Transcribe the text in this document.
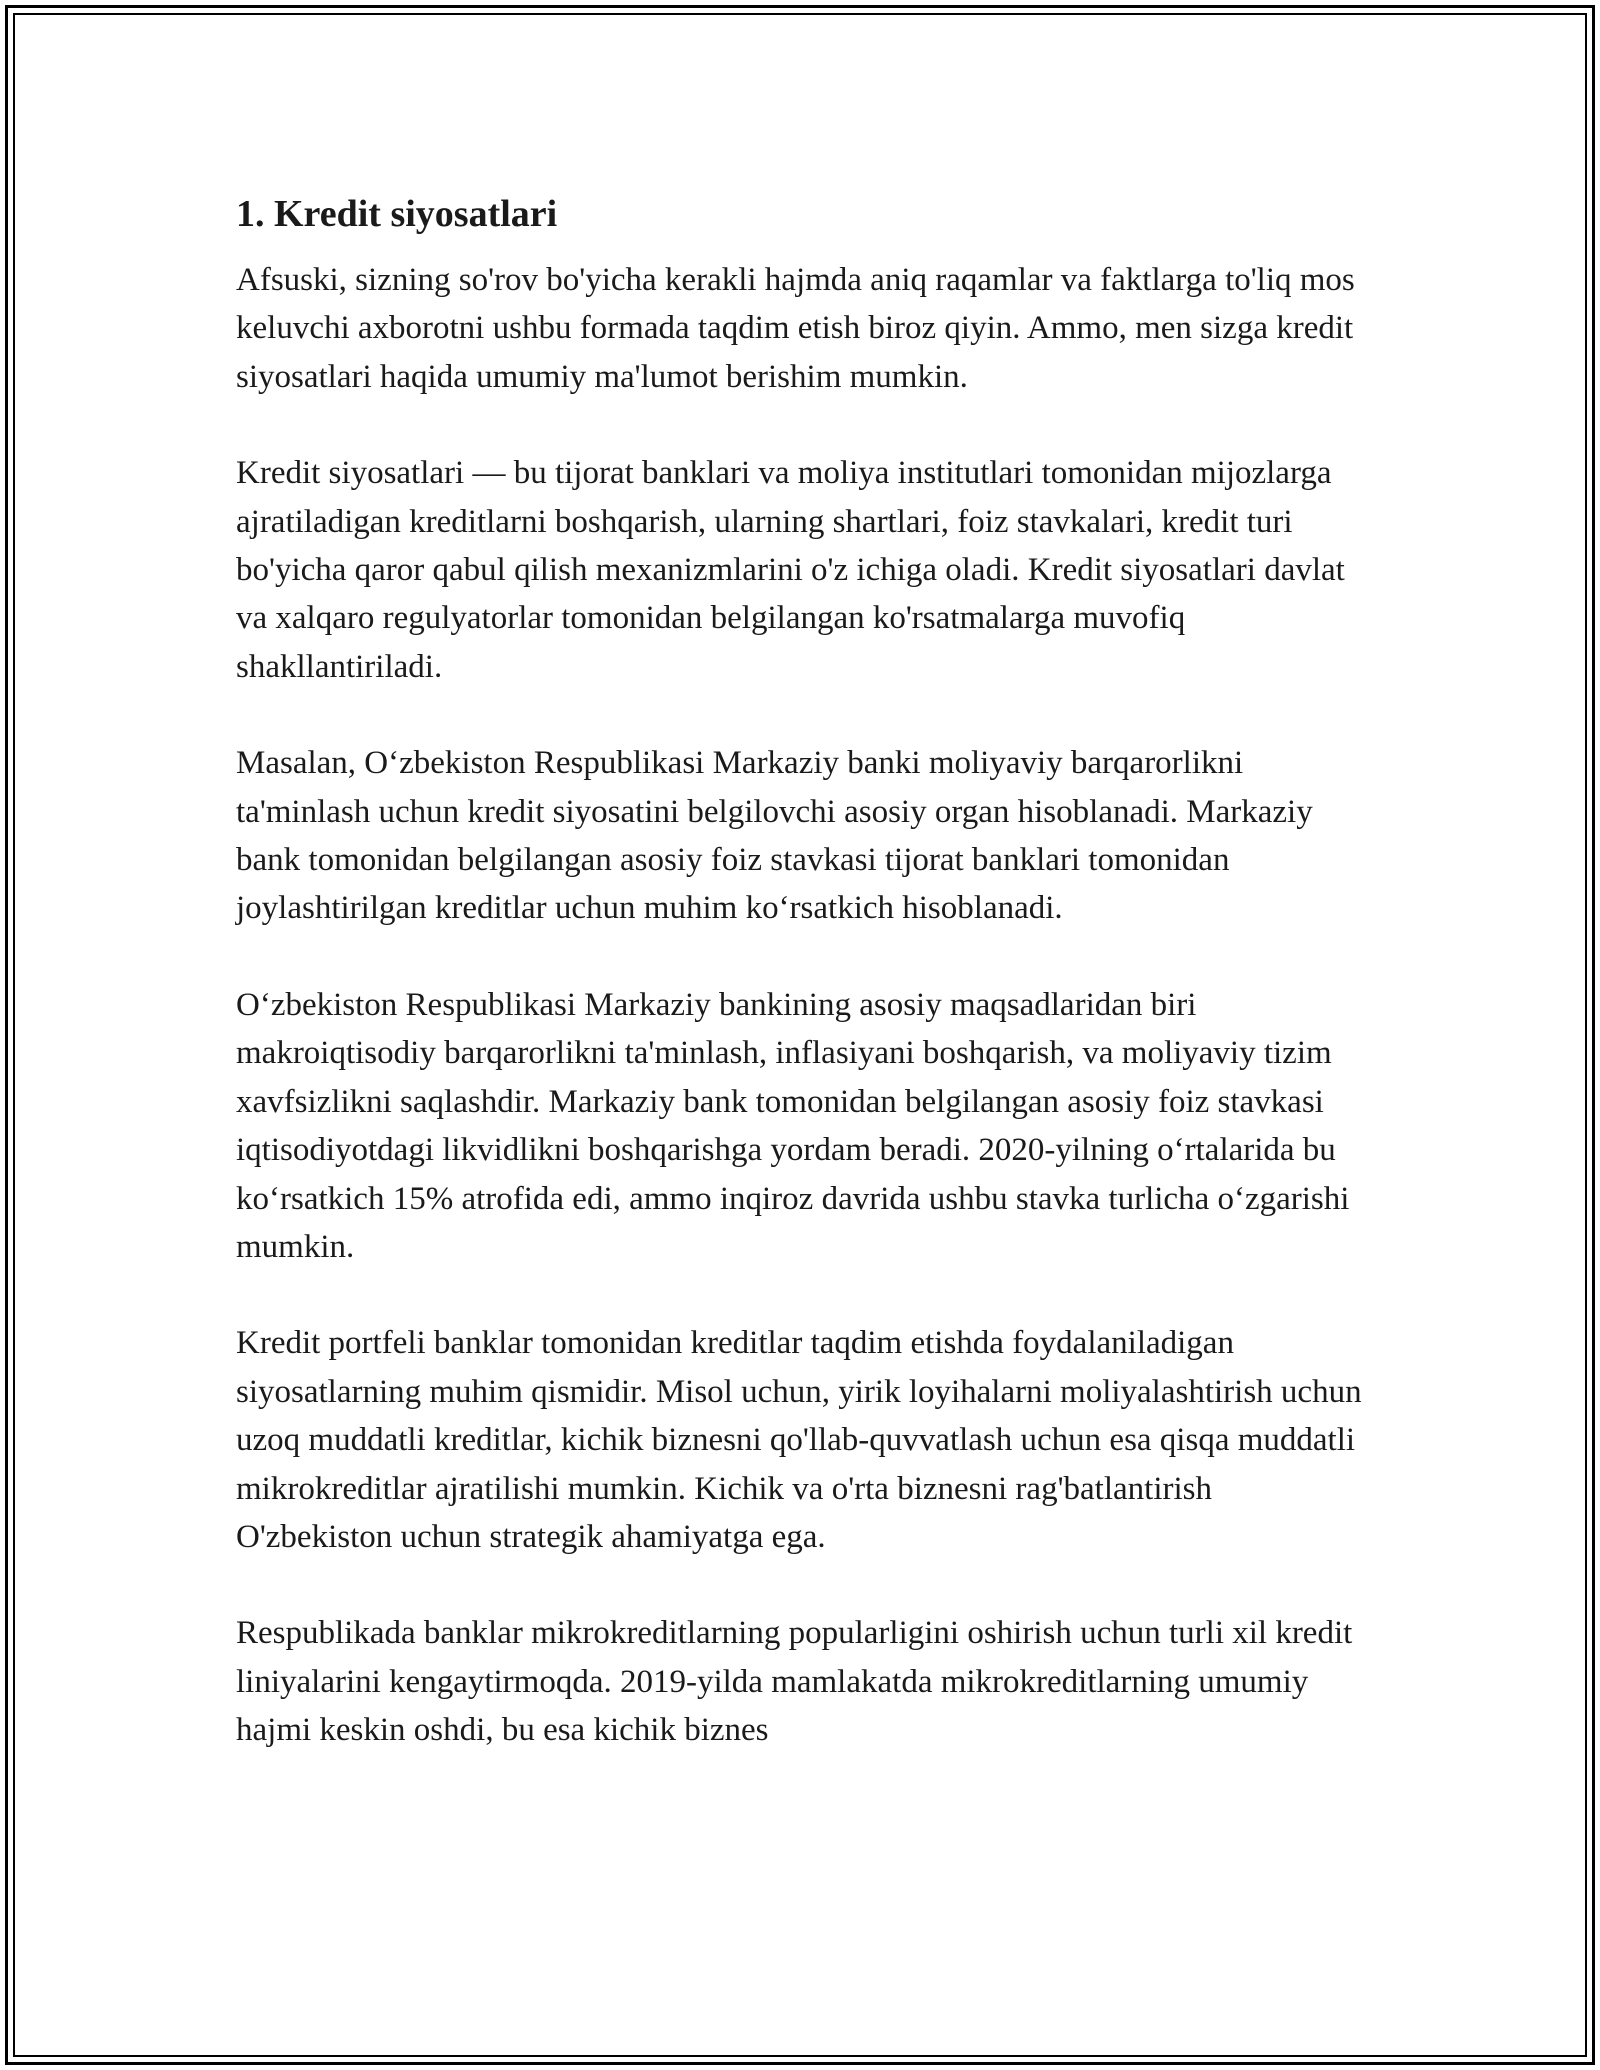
1. Kredit siyosatlari

Afsuski, sizning so'rov bo'yicha kerakli hajmda aniq raqamlar va faktlarga to'liq mos keluvchi axborotni ushbu formada taqdim etish biroz qiyin. Ammo, men sizga kredit siyosatlari haqida umumiy ma'lumot berishim mumkin.

Kredit siyosatlari — bu tijorat banklari va moliya institutlari tomonidan mijozlarga ajratiladigan kreditlarni boshqarish, ularning shartlari, foiz stavkalari, kredit turi bo'yicha qaror qabul qilish mexanizmlarini o'z ichiga oladi. Kredit siyosatlari davlat va xalqaro regulyatorlar tomonidan belgilangan ko'rsatmalarga muvofiq shakllantiriladi.

Masalan, O‘zbekiston Respublikasi Markaziy banki moliyaviy barqarorlikni ta'minlash uchun kredit siyosatini belgilovchi asosiy organ hisoblanadi. Markaziy bank tomonidan belgilangan asosiy foiz stavkasi tijorat banklari tomonidan joylashtirilgan kreditlar uchun muhim ko‘rsatkich hisoblanadi.

O‘zbekiston Respublikasi Markaziy bankining asosiy maqsadlaridan biri makroiqtisodiy barqarorlikni ta'minlash, inflasiyani boshqarish, va moliyaviy tizim xavfsizlikni saqlashdir. Markaziy bank tomonidan belgilangan asosiy foiz stavkasi iqtisodiyotdagi likvidlikni boshqarishga yordam beradi. 2020-yilning o‘rtalarida bu ko‘rsatkich 15% atrofida edi, ammo inqiroz davrida ushbu stavka turlicha o‘zgarishi mumkin.

Kredit portfeli banklar tomonidan kreditlar taqdim etishda foydalaniladigan siyosatlarning muhim qismidir. Misol uchun, yirik loyihalarni moliyalashtirish uchun uzoq muddatli kreditlar, kichik biznesni qo'llab-quvvatlash uchun esa qisqa muddatli mikrokreditlar ajratilishi mumkin. Kichik va o'rta biznesni rag'batlantirish O'zbekiston uchun strategik ahamiyatga ega.

Respublikada banklar mikrokreditlarning popularligini oshirish uchun turli xil kredit liniyalarini kengaytirmoqda. 2019-yilda mamlakatda mikrokreditlarning umumiy hajmi keskin oshdi, bu esa kichik biznes
